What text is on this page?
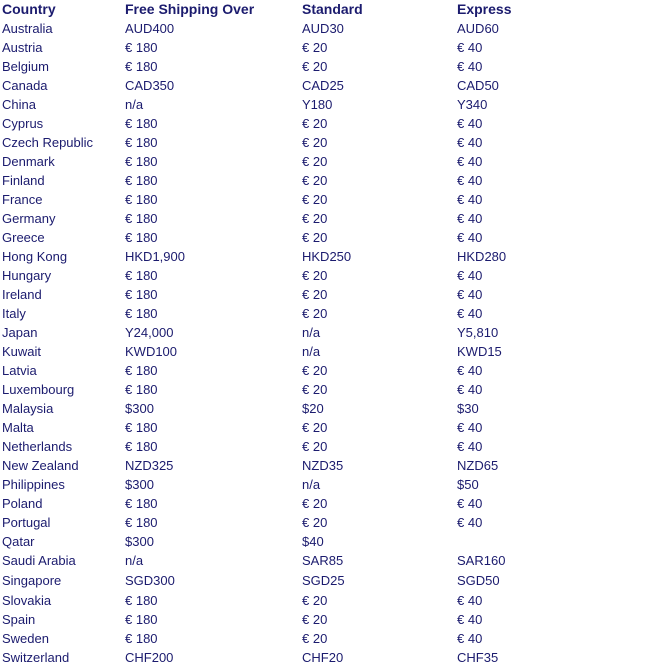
Country	Free Shipping Over	Standard	Express
Australia	AUD400	AUD30	AUD60
Austria	€ 180	€ 20	€ 40
Belgium	€ 180	€ 20	€ 40
Canada	CAD350	CAD25	CAD50
China	n/a	Y180	Y340
Cyprus	€ 180	€ 20	€ 40
Czech Republic	€ 180	€ 20	€ 40
Denmark	€ 180	€ 20	€ 40
Finland	€ 180	€ 20	€ 40
France	€ 180	€ 20	€ 40
Germany	€ 180	€ 20	€ 40
Greece	€ 180	€ 20	€ 40
Hong Kong	HKD1,900	HKD250	HKD280
Hungary	€ 180	€ 20	€ 40
Ireland	€ 180	€ 20	€ 40
Italy	€ 180	€ 20	€ 40
Japan	Y24,000	n/a	Y5,810
Kuwait	KWD100	n/a	KWD15
Latvia	€ 180	€ 20	€ 40
Luxembourg	€ 180	€ 20	€ 40
Malaysia	$300	$20	$30
Malta	€ 180	€ 20	€ 40
Netherlands	€ 180	€ 20	€ 40
New Zealand	NZD325	NZD35	NZD65
Philippines	$300	n/a	$50
Poland	€ 180	€ 20	€ 40
Portugal	€ 180	€ 20	€ 40
Qatar	$300	$40	
Saudi Arabia	n/a	SAR85	SAR160
Singapore	SGD300	SGD25	SGD50
Slovakia	€ 180	€ 20	€ 40
Spain	€ 180	€ 20	€ 40
Sweden	€ 180	€ 20	€ 40
Switzerland	CHF200	CHF20	CHF35
